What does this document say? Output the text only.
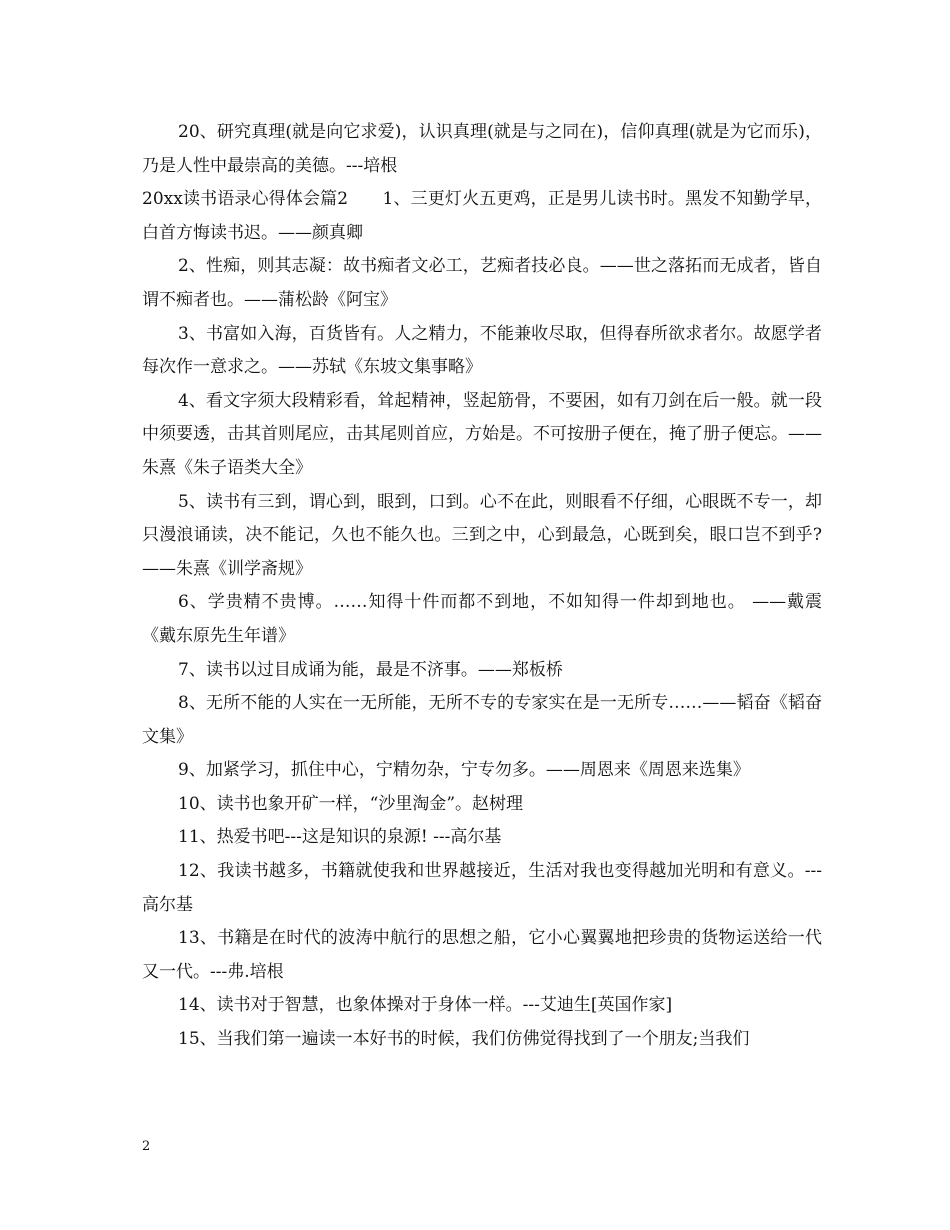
20、研究真理(就是向它求爱)，认识真理(就是与之同在)，信仰真理(就是为它而乐)，乃是人性中最崇高的美德。---培根

20xx读书语录心得体会篇2　　1、三更灯火五更鸡，正是男儿读书时。黑发不知勤学早，白首方悔读书迟。——颜真卿

2、性痴，则其志凝：故书痴者文必工，艺痴者技必良。——世之落拓而无成者，皆自谓不痴者也。——蒲松龄《阿宝》

3、书富如入海，百货皆有。人之精力，不能兼收尽取，但得春所欲求者尔。故愿学者每次作一意求之。——苏轼《东坡文集事略》

4、看文字须大段精彩看，耸起精神，竖起筋骨，不要困，如有刀剑在后一般。就一段中须要透，击其首则尾应，击其尾则首应，方始是。不可按册子便在，掩了册子便忘。——朱熹《朱子语类大全》

5、读书有三到，谓心到，眼到，口到。心不在此，则眼看不仔细，心眼既不专一，却只漫浪诵读，决不能记，久也不能久也。三到之中，心到最急，心既到矣，眼口岂不到乎?——朱熹《训学斋规》

6、学贵精不贵博。……知得十件而都不到地，不如知得一件却到地也。 ——戴震《戴东原先生年谱》

7、读书以过目成诵为能，最是不济事。——郑板桥

8、无所不能的人实在一无所能，无所不专的专家实在是一无所专……——韬奋《韬奋文集》

9、加紧学习，抓住中心，宁精勿杂，宁专勿多。——周恩来《周恩来选集》

10、读书也象开矿一样，“沙里淘金”。赵树理

11、热爱书吧---这是知识的泉源! ---高尔基

12、我读书越多，书籍就使我和世界越接近，生活对我也变得越加光明和有意义。---高尔基

13、书籍是在时代的波涛中航行的思想之船，它小心翼翼地把珍贵的货物运送给一代又一代。---弗.培根

14、读书对于智慧，也象体操对于身体一样。---艾迪生[英国作家]

15、当我们第一遍读一本好书的时候，我们仿佛觉得找到了一个朋友;当我们

2
